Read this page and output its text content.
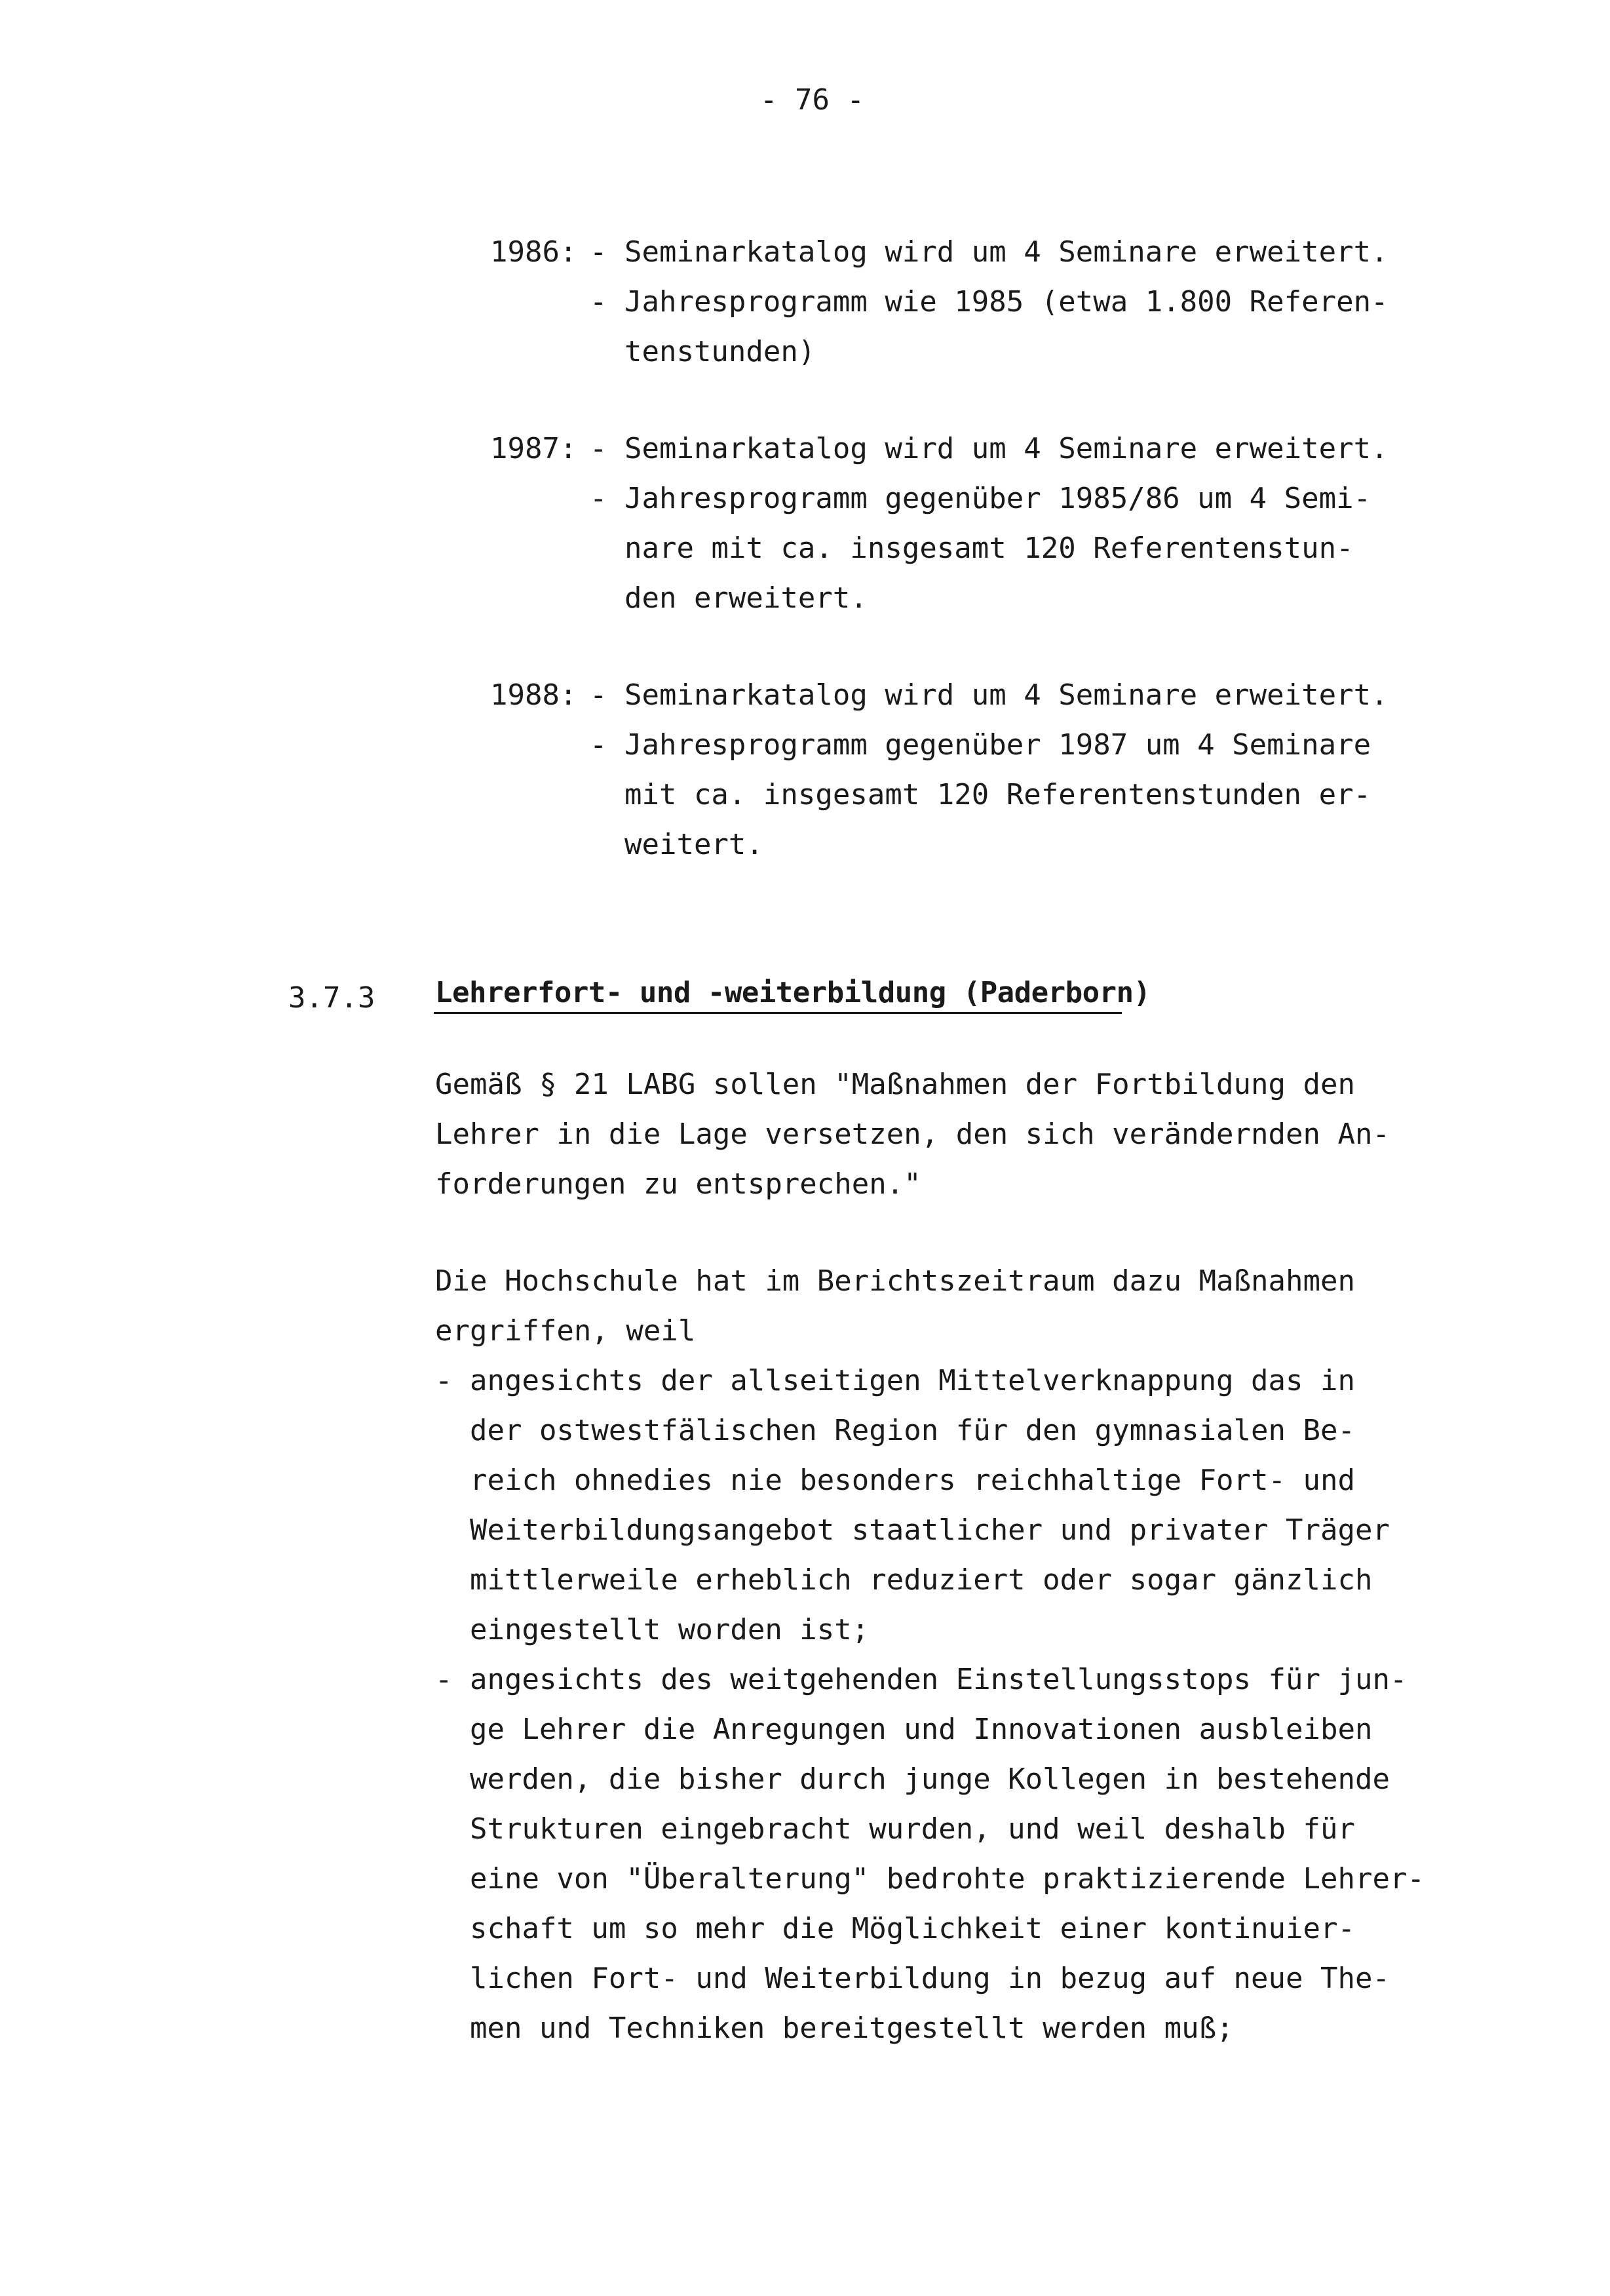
- 76 -
1986: - Seminarkatalog wird um 4 Seminare erweitert.
- Jahresprogramm wie 1985 (etwa 1.800 Referen-
tenstunden)
1987: - Seminarkatalog wird um 4 Seminare erweitert.
- Jahresprogramm gegenüber 1985/86 um 4 Semi-
nare mit ca. insgesamt 120 Referentenstun-
den erweitert.
1988: - Seminarkatalog wird um 4 Seminare erweitert.
- Jahresprogramm gegenüber 1987 um 4 Seminare
mit ca. insgesamt 120 Referentenstunden er-
weitert.
3.7.3 Lehrerfort- und -weiterbildung (Paderborn)
Gemäß § 21 LABG sollen "Maßnahmen der Fortbildung den
Lehrer in die Lage versetzen, den sich verändernden An-
forderungen zu entsprechen."
Die Hochschule hat im Berichtszeitraum dazu Maßnahmen
ergriffen, weil
- angesichts der allseitigen Mittelverknappung das in
der ostwestfälischen Region für den gymnasialen Be-
reich ohnedies nie besonders reichhaltige Fort- und
Weiterbildungsangebot staatlicher und privater Träger
mittlerweile erheblich reduziert oder sogar gänzlich
eingestellt worden ist;
- angesichts des weitgehenden Einstellungsstops für jun-
ge Lehrer die Anregungen und Innovationen ausbleiben
werden, die bisher durch junge Kollegen in bestehende
Strukturen eingebracht wurden, und weil deshalb für
eine von "Überalterung" bedrohte praktizierende Lehrer-
schaft um so mehr die Möglichkeit einer kontinuier-
lichen Fort- und Weiterbildung in bezug auf neue The-
men und Techniken bereitgestellt werden muß;
